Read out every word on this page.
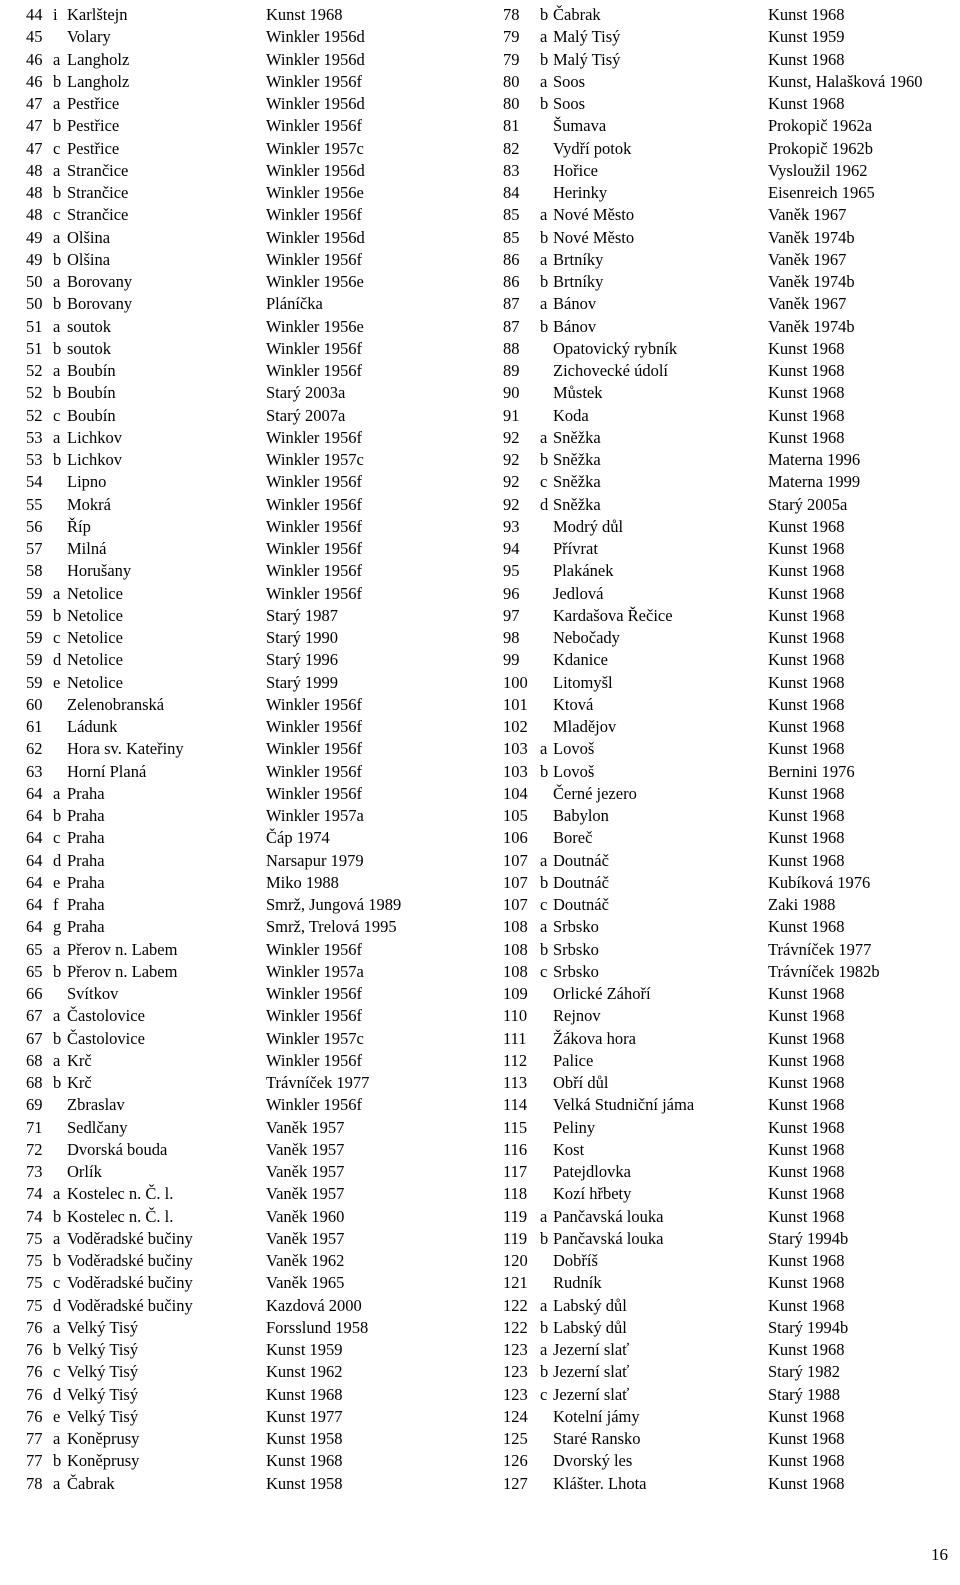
44 i Karlštejn	Kunst 1968
45 Volary	Winkler 1956d
46 a Langholz	Winkler 1956d
46 b Langholz	Winkler 1956f
47 a Pestřice	Winkler 1956d
47 b Pestřice	Winkler 1956f
47 c Pestřice	Winkler 1957c
48 a Strančice	Winkler 1956d
48 b Strančice	Winkler 1956e
48 c Strančice	Winkler 1956f
49 a Olšina	Winkler 1956d
49 b Olšina	Winkler 1956f
50 a Borovany	Winkler 1956e
50 b Borovany	Pláníčka
51 a soutok	Winkler 1956e
51 b soutok	Winkler 1956f
52 a Boubín	Winkler 1956f
52 b Boubín	Starý 2003a
52 c Boubín	Starý 2007a
53 a Lichkov	Winkler 1956f
53 b Lichkov	Winkler 1957c
54 Lipno	Winkler 1956f
55 Mokrá	Winkler 1956f
56 Říp	Winkler 1956f
57 Milná	Winkler 1956f
58 Horušany	Winkler 1956f
59 a Netolice	Winkler 1956f
59 b Netolice	Starý 1987
59 c Netolice	Starý 1990
59 d Netolice	Starý 1996
59 e Netolice	Starý 1999
60 Zelenobranská	Winkler 1956f
61 Ládunk	Winkler 1956f
62 Hora sv. Kateřiny	Winkler 1956f
63 Horní Planá	Winkler 1956f
64 a Praha	Winkler 1956f
64 b Praha	Winkler 1957a
64 c Praha	Čáp 1974
64 d Praha	Narsapur 1979
64 e Praha	Miko 1988
64 f Praha	Smrž, Jungová 1989
64 g Praha	Smrž, Trelová 1995
65 a Přerov n. Labem	Winkler 1956f
65 b Přerov n. Labem	Winkler 1957a
66 Svítkov	Winkler 1956f
67 a Častolovice	Winkler 1956f
67 b Častolovice	Winkler 1957c
68 a Krč	Winkler 1956f
68 b Krč	Trávníček 1977
69 Zbraslav	Winkler 1956f
71 Sedlčany	Vaněk 1957
72 Dvorská bouda	Vaněk 1957
73 Orlík	Vaněk 1957
74 a Kostelec n. Č. l.	Vaněk 1957
74 b Kostelec n. Č. l.	Vaněk 1960
75 a Voděradské bučiny	Vaněk 1957
75 b Voděradské bučiny	Vaněk 1962
75 c Voděradské bučiny	Vaněk 1965
75 d Voděradské bučiny	Kazdová 2000
76 a Velký Tisý	Forsslund 1958
76 b Velký Tisý	Kunst 1959
76 c Velký Tisý	Kunst 1962
76 d Velký Tisý	Kunst 1968
76 e Velký Tisý	Kunst 1977
77 a Koněprusy	Kunst 1958
77 b Koněprusy	Kunst 1968
78 a Čabrak	Kunst 1958
78 b Čabrak	Kunst 1968
79 a Malý Tisý	Kunst 1959
79 b Malý Tisý	Kunst 1968
80 a Soos	Kunst, Halašková 1960
80 b Soos	Kunst 1968
81 Šumava	Prokopič 1962a
82 Vydří potok	Prokopič 1962b
83 Hořice	Vysloužil 1962
84 Herinky	Eisenreich 1965
85 a Nové Město	Vaněk 1967
85 b Nové Město	Vaněk 1974b
86 a Brtníky	Vaněk 1967
86 b Brtníky	Vaněk 1974b
87 a Bánov	Vaněk 1967
87 b Bánov	Vaněk 1974b
88 Opatovický rybník	Kunst 1968
89 Zichovecké údolí	Kunst 1968
90 Můstek	Kunst 1968
91 Koda	Kunst 1968
92 a Sněžka	Kunst 1968
92 b Sněžka	Materna 1996
92 c Sněžka	Materna 1999
92 d Sněžka	Starý 2005a
93 Modrý důl	Kunst 1968
94 Přívrat	Kunst 1968
95 Plakánek	Kunst 1968
96 Jedlová	Kunst 1968
97 Kardašova Řečice	Kunst 1968
98 Nebočady	Kunst 1968
99 Kdanice	Kunst 1968
100 Litomyšl	Kunst 1968
101 Ktová	Kunst 1968
102 Mladějov	Kunst 1968
103 a Lovoš	Kunst 1968
103 b Lovoš	Bernini 1976
104 Černé jezero	Kunst 1968
105 Babylon	Kunst 1968
106 Boreč	Kunst 1968
107 a Doutnáč	Kunst 1968
107 b Doutnáč	Kubíková 1976
107 c Doutnáč	Zaki 1988
108 a Srbsko	Kunst 1968
108 b Srbsko	Trávníček 1977
108 c Srbsko	Trávníček 1982b
109 Orlické Záhoří	Kunst 1968
110 Rejnov	Kunst 1968
111 Žákova hora	Kunst 1968
112 Palice	Kunst 1968
113 Obří důl	Kunst 1968
114 Velká Studniční jáma	Kunst 1968
115 Peliny	Kunst 1968
116 Kost	Kunst 1968
117 Patejdlovka	Kunst 1968
118 Kozí hřbety	Kunst 1968
119 a Pančavská louka	Kunst 1968
119 b Pančavská louka	Starý 1994b
120 Dobříš	Kunst 1968
121 Rudník	Kunst 1968
122 a Labský důl	Kunst 1968
122 b Labský důl	Starý 1994b
123 a Jezerní slať	Kunst 1968
123 b Jezerní slať	Starý 1982
123 c Jezerní slať	Starý 1988
124 Kotelní jámy	Kunst 1968
125 Staré Ransko	Kunst 1968
126 Dvorský les	Kunst 1968
127 Klášter. Lhota	Kunst 1968
16
